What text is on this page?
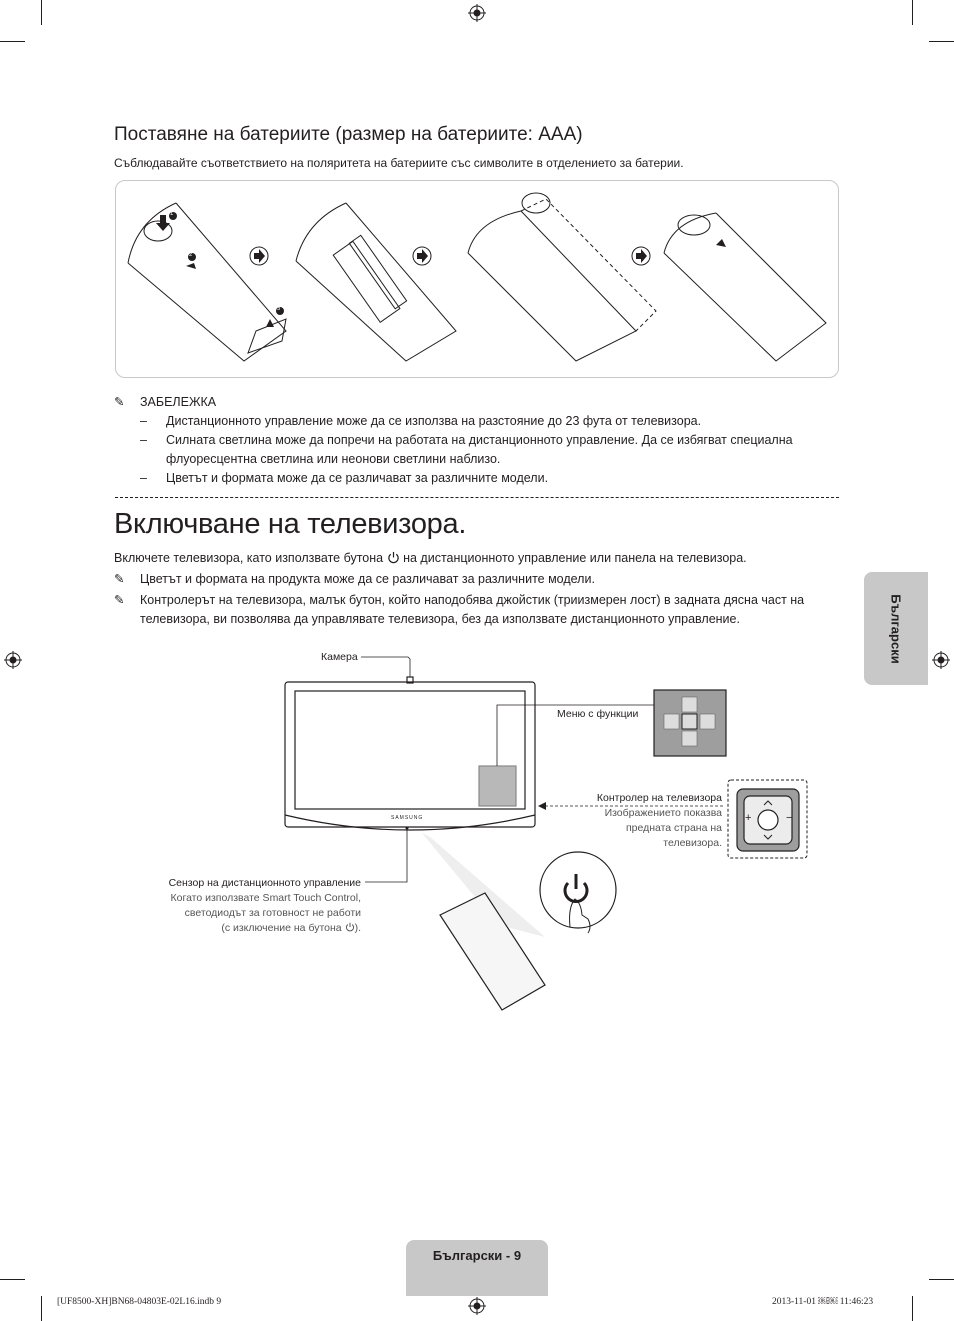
Поставяне на батериите (размер на батериите: AAA)
Съблюдавайте съответствието на поляритета на батериите със символите в отделението за батерии.
1
2
3
✎ ЗАБЕЛЕЖКА
– Дистанционното управление може да се използва на разстояние до 23 фута от телевизора.
– Силната светлина може да попречи на работата на дистанционното управление. Да се избягват специална
флуоресцентна светлина или неонови светлини наблизо.
– Цветът и формата може да се различават за различните модели.
Включване на телевизора.
Включете телевизора, като използвате бутона на дистанционното управление или панела на телевизора.
✎ Цветът и формата на продукта може да се различават за различните модели.
✎ Контролерът на телевизора, малък бутон, който наподобява джойстик (триизмерен лост) в задната дясна част на
телевизора, ви позволява да управлявате телевизора, без да използвате дистанционното управление.
Камера
SAMSUNG
Меню с функции
Контролер на телевизора
Изображението показва
предната страна на
телевизора.
+	−
Сензор на дистанционното управление
Когато използвате Smart Touch Control,
светодиодът за готовност не работи
(с изключение на бутона ).
Български
Български - 9
[UF8500-XH]BN68-04803E-02L16.indb 9	2013-11-01 ￼￼ 11:46:23
